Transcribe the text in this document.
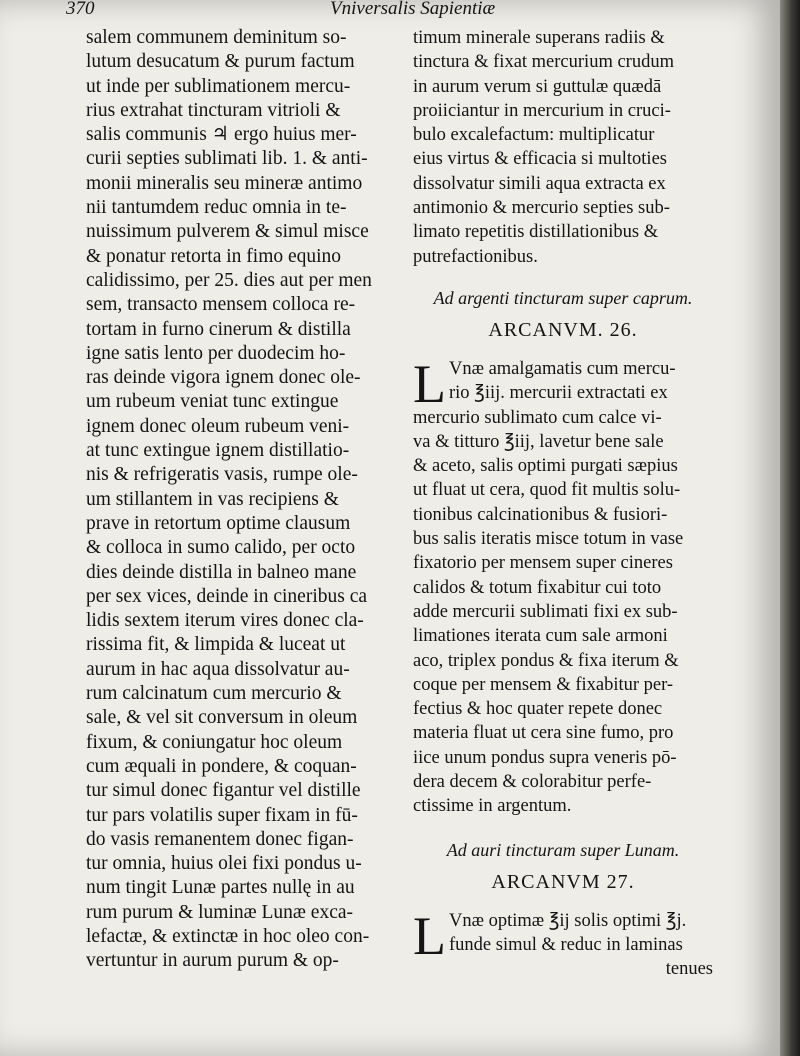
370	Vniversalis Sapientiæ
salem communem deminitum so-
lutum desucatum & purum factum
ut inde per sublimationem mercu-
rius extrahat tincturam vitrioli &
salis communis ♃ ergo huius mer-
curii septies sublimati lib. 1. & anti-
monii mineralis seu mineræ antimo
nii tantumdem reduc omnia in te-
nuissimum pulverem & simul misce
& ponatur retorta in fimo equino
calidissimo, per 25. dies aut per men
sem, transacto mensem colloca re-
tortam in furno cinerum & distilla
igne satis lento per duodecim ho-
ras deinde vigora ignem donec ole-
um rubeum veniat tunc extingue
ignem donec oleum rubeum veni-
at tunc extingue ignem distillatio-
nis & refrigeratis vasis, rumpe ole-
um stillantem in vas recipiens &
prave in retortum optime clausum
& colloca in sumo calido, per octo
dies deinde distilla in balneo mane
per sex vices, deinde in cineribus ca
lidis sextem iterum vires donec cla-
rissima fit, & limpida & luceat ut
aurum in hac aqua dissolvatur au-
rum calcinatum cum mercurio &
sale, & vel sit conversum in oleum
fixum, & coniungatur hoc oleum
cum æquali in pondere, & coquan-
tur simul donec figantur vel distille
tur pars volatilis super fixam in fū-
do vasis remanentem donec figan-
tur omnia, huius olei fixi pondus u-
num tingit Lunæ partes nullę in au
rum purum & luminæ Lunæ exca-
lefactæ, & extinctæ in hoc oleo con-
vertuntur in aurum purum & op-
timum minerale superans radiis &
tinctura & fixat mercurium crudum
in aurum verum si guttulæ quædā
proiiciantur in mercurium in cruci-
bulo excalefactum: multiplicatur
eius virtus & efficacia si multoties
dissolvatur simili aqua extracta ex
antimonio & mercurio septies sub-
limato repetitis distillationibus &
putrefactionibus.
Ad argenti tincturam super caprum.
ARCANVM. 26.
L Vnæ amalgamatis cum mercu-
rio ℥iij. mercurii extractati ex
mercurio sublimato cum calce vi-
va & titturo ℥iij, lavetur bene sale
& aceto, salis optimi purgati sæpius
ut fluat ut cera, quod fit multis solu-
tionibus calcinationibus & fusiori-
bus salis iteratis misce totum in vase
fixatorio per mensem super cineres
calidos & totum fixabitur cui toto
adde mercurii sublimati fixi ex sub-
limationes iterata cum sale armoni
aco, triplex pondus & fixa iterum &
coque per mensem & fixabitur per-
fectius & hoc quater repete donec
materia fluat ut cera sine fumo, pro
iice unum pondus supra veneris pō-
dera decem & colorabitur perfe-
ctissime in argentum.
Ad auri tincturam super Lunam.
ARCANVM 27.
L Vnæ optimæ ℥ij solis optimi ℥j.
funde simul & reduc in laminas
tenues
